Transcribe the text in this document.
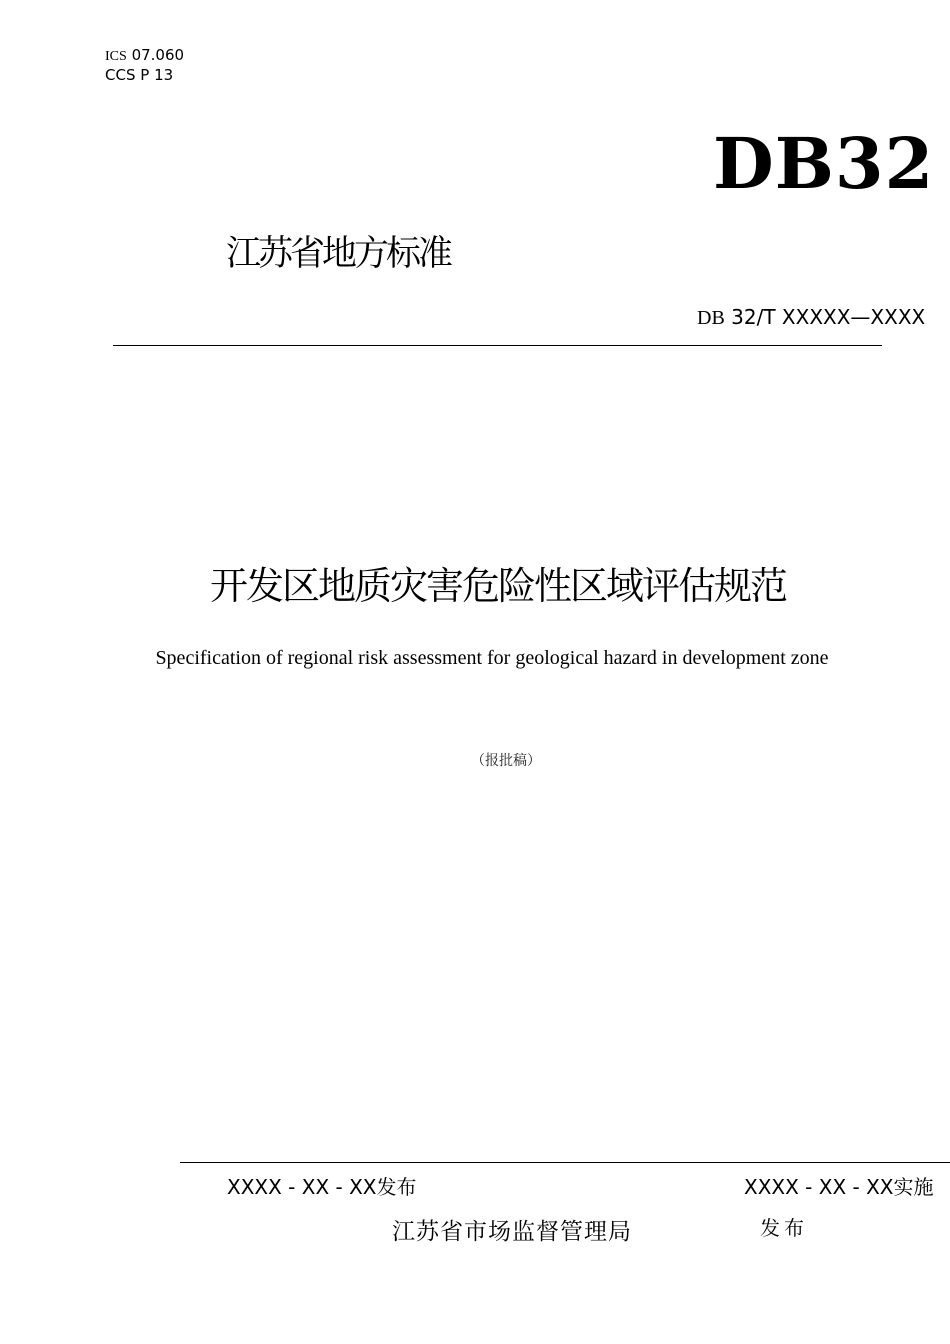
ICS 07.060
CCS P 13
DB32
江苏省地方标准
DB 32/T XXXXX—XXXX
开发区地质灾害危险性区域评估规范
Specification of regional risk assessment for geological hazard in development zone
（报批稿）
XXXX - XX - XX发布	XXXX - XX - XX实施
江苏省市场监督管理局	发布
